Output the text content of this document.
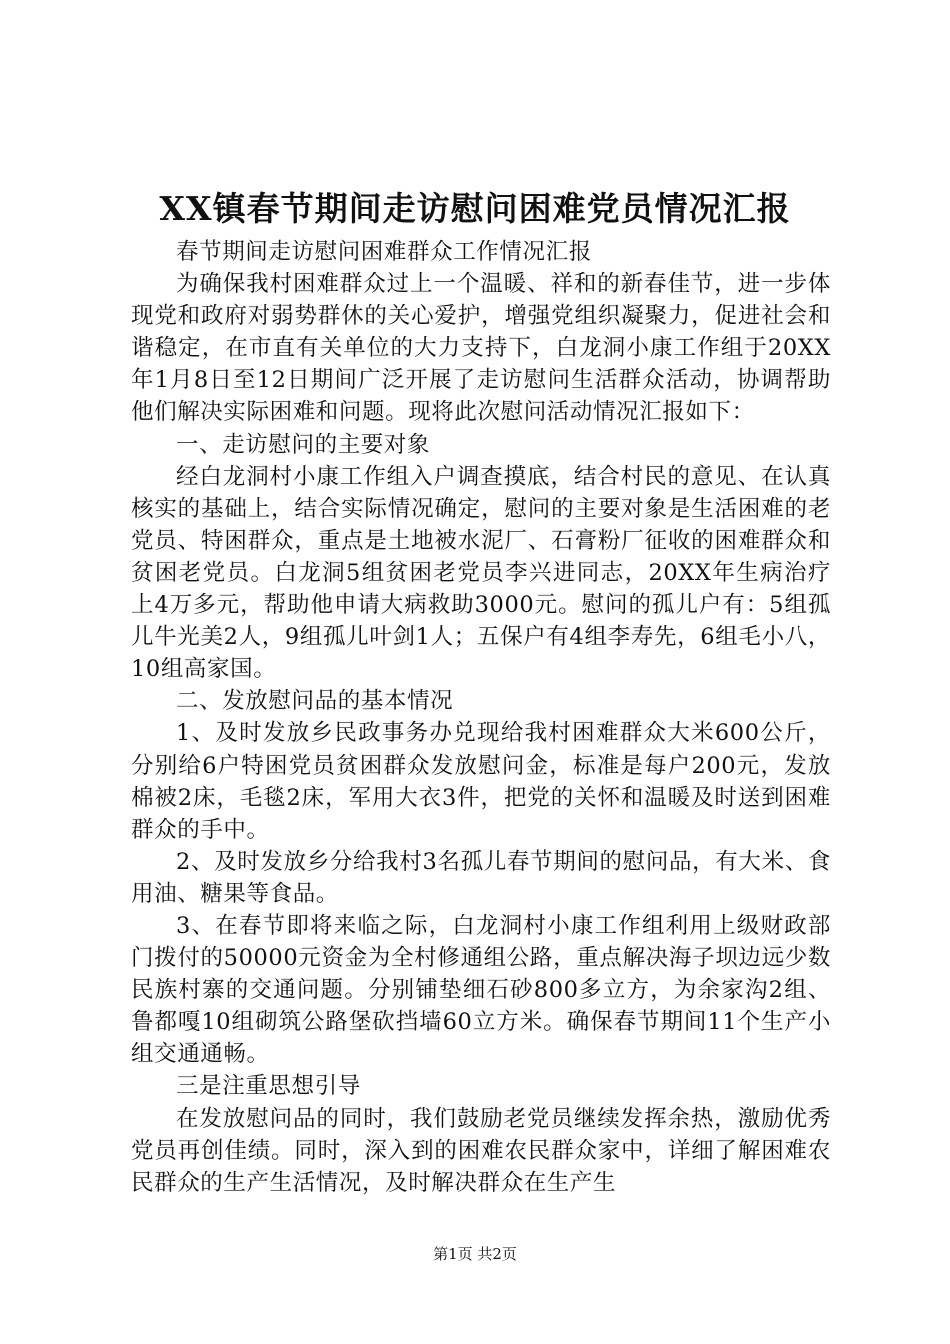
XX镇春节期间走访慰问困难党员情况汇报

春节期间走访慰问困难群众工作情况汇报

为确保我村困难群众过上一个温暖、祥和的新春佳节，进一步体现党和政府对弱势群休的关心爱护，增强党组织凝聚力，促进社会和谐稳定，在市直有关单位的大力支持下，白龙洞小康工作组于20XX年1月8日至12日期间广泛开展了走访慰问生活群众活动，协调帮助他们解决实际困难和问题。现将此次慰问活动情况汇报如下：

一、走访慰问的主要对象

经白龙洞村小康工作组入户调查摸底，结合村民的意见、在认真核实的基础上，结合实际情况确定，慰问的主要对象是生活困难的老党员、特困群众，重点是土地被水泥厂、石膏粉厂征收的困难群众和贫困老党员。白龙洞5组贫困老党员李兴进同志，20XX年生病治疗上4万多元，帮助他申请大病救助3000元。慰问的孤儿户有：5组孤儿牛光美2人，9组孤儿叶剑1人；五保户有4组李寿先，6组毛小八，10组高家国。

二、发放慰问品的基本情况

1、及时发放乡民政事务办兑现给我村困难群众大米600公斤，分别给6户特困党员贫困群众发放慰问金，标准是每户200元，发放棉被2床，毛毯2床，军用大衣3件，把党的关怀和温暖及时送到困难群众的手中。

2、及时发放乡分给我村3名孤儿春节期间的慰问品，有大米、食用油、糖果等食品。

3、在春节即将来临之际，白龙洞村小康工作组利用上级财政部门拨付的50000元资金为全村修通组公路，重点解决海子坝边远少数民族村寨的交通问题。分别铺垫细石砂800多立方，为余家沟2组、鲁都嘎10组砌筑公路堡砍挡墙60立方米。确保春节期间11个生产小组交通通畅。

三是注重思想引导

在发放慰问品的同时，我们鼓励老党员继续发挥余热，激励优秀党员再创佳绩。同时，深入到的困难农民群众家中，详细了解困难农民群众的生产生活情况，及时解决群众在生产生

第1页 共2页
